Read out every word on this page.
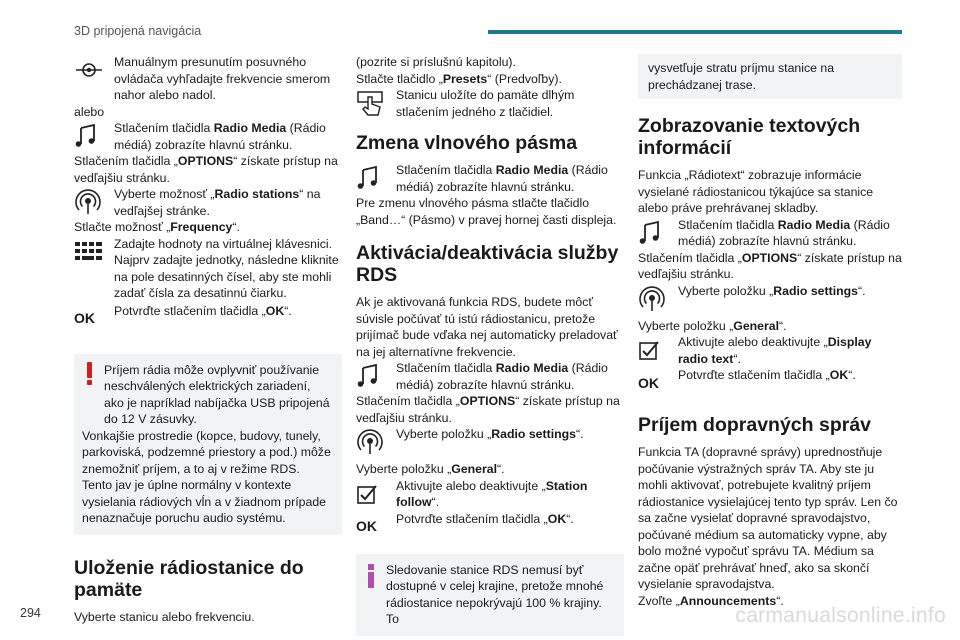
3D pripojená navigácia
Manuálnym presunutím posuvného ovládača vyhľadajte frekvencie smerom nahor alebo nadol.
alebo
Stlačením tlačidla Radio Media (Rádio médiá) zobrazíte hlavnú stránku.
Stlačením tlačidla „OPTIONS“ získate prístup na vedľajšiu stránku.
Vyberte možnosť „Radio stations“ na vedľajšej stránke.
Stlačte možnosť „Frequency“.
Zadajte hodnoty na virtuálnej klávesnici. Najprv zadajte jednotky, následne kliknite na pole desatinných čísel, aby ste mohli zadať čísla za desatinnú čiarku.
OK	Potvrďte stlačením tlačidla „OK“.
Príjem rádia môže ovplyvniť používanie neschválených elektrických zariadení, ako je napríklad nabíjačka USB pripojená do 12 V zásuvky.
Vonkajšie prostredie (kopce, budovy, tunely, parkoviská, podzemné priestory a pod.) môže znemožniť príjem, a to aj v režime RDS. Tento jav je úplne normálny v kontexte vysielania rádiových vĺn a v žiadnom prípade nenaznačuje poruchu audio systému.
Uloženie rádiostanice do pamäte
Vyberte stanicu alebo frekvenciu.
(pozrite si príslušnú kapitolu).
Stlačte tlačidlo „Presets“ (Predvoľby).
Stanicu uložíte do pamäte dlhým stlačením jedného z tlačidiel.
Zmena vlnového pásma
Stlačením tlačidla Radio Media (Rádio médiá) zobrazíte hlavnú stránku.
Pre zmenu vlnového pásma stlačte tlačidlo „Band…“ (Pásmo) v pravej hornej časti displeja.
Aktivácia/deaktivácia služby RDS
Ak je aktivovaná funkcia RDS, budete môcť súvisle počúvať tú istú rádiostanicu, pretože prijímač bude vďaka nej automaticky preladovať na jej alternatívne frekvencie.
Stlačením tlačidla Radio Media (Rádio médiá) zobrazíte hlavnú stránku.
Stlačením tlačidla „OPTIONS“ získate prístup na vedľajšiu stránku.
Vyberte položku „Radio settings“.
Vyberte položku „General“.
Aktivujte alebo deaktivujte „Station follow“.
OK	Potvrďte stlačením tlačidla „OK“.
Sledovanie stanice RDS nemusí byť dostupné v celej krajine, pretože mnohé rádiostanice nepokrývajú 100 % krajiny. To
vysvetľuje stratu príjmu stanice na prechádzanej trase.
Zobrazovanie textových informácií
Funkcia „Rádiotext“ zobrazuje informácie vysielané rádiostanicou týkajúce sa stanice alebo práve prehrávanej skladby.
Stlačením tlačidla Radio Media (Rádio médiá) zobrazíte hlavnú stránku.
Stlačením tlačidla „OPTIONS“ získate prístup na vedľajšiu stránku.
Vyberte položku „Radio settings“.
Vyberte položku „General“.
Aktivujte alebo deaktivujte „Display radio text“.
OK	Potvrďte stlačením tlačidla „OK“.
Príjem dopravných správ
Funkcia TA (dopravné správy) uprednostňuje počúvanie výstražných správ TA. Aby ste ju mohli aktivovať, potrebujete kvalitný príjem rádiostanice vysielajúcej tento typ správ. Len čo sa začne vysielať dopravné spravodajstvo, počúvané médium sa automaticky vypne, aby bolo možné vypočuť správu TA. Médium sa začne opäť prehrávať hneď, ako sa skončí vysielanie spravodajstva.
Zvoľte „Announcements“.
294	carmanualsonline.info
